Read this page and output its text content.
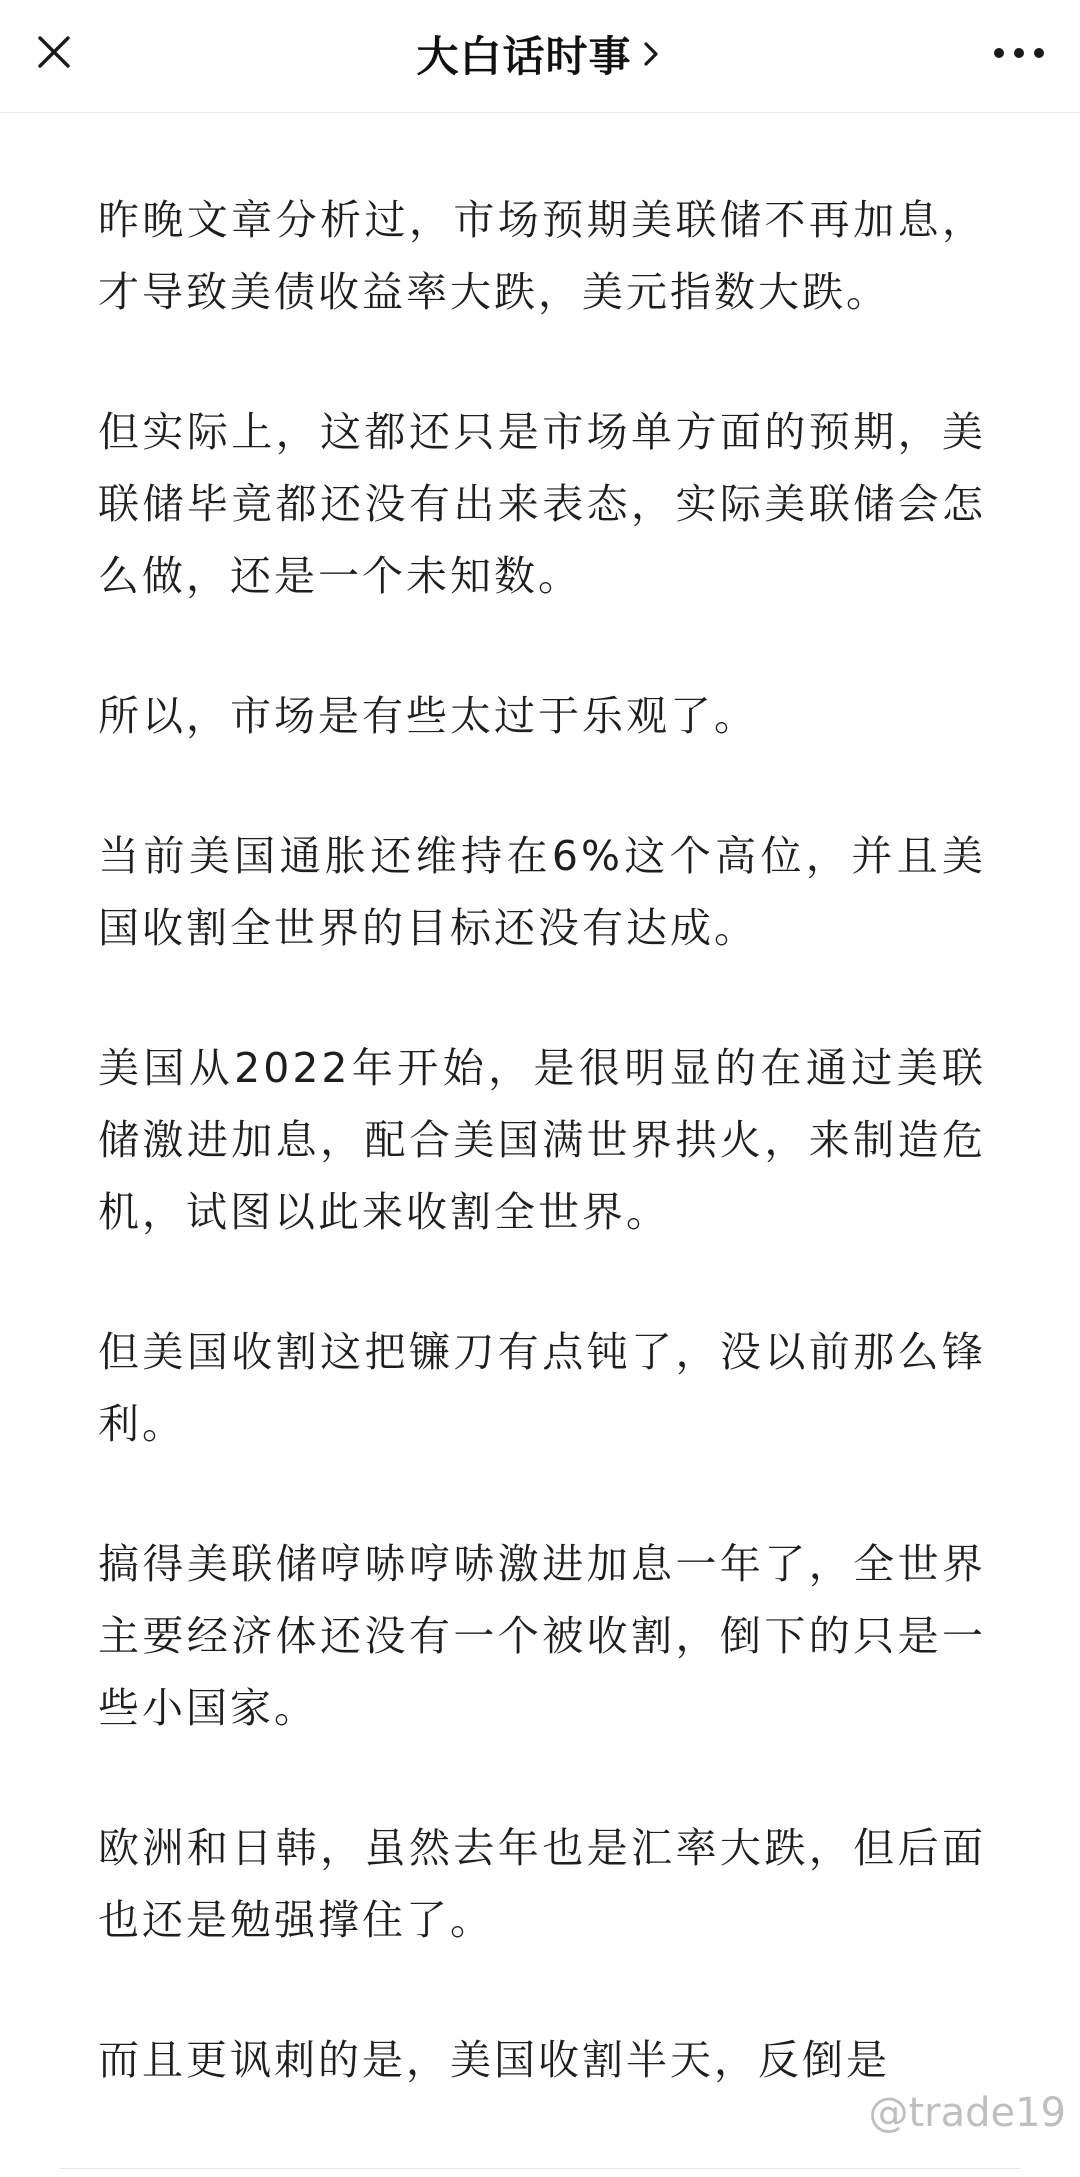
大白话时事

昨晚文章分析过，市场预期美联储不再加息，才导致美债收益率大跌，美元指数大跌。

但实际上，这都还只是市场单方面的预期，美联储毕竟都还没有出来表态，实际美联储会怎么做，还是一个未知数。

所以，市场是有些太过于乐观了。

当前美国通胀还维持在6%这个高位，并且美国收割全世界的目标还没有达成。

美国从2022年开始，是很明显的在通过美联储激进加息，配合美国满世界拱火，来制造危机，试图以此来收割全世界。

但美国收割这把镰刀有点钝了，没以前那么锋利。

搞得美联储哼哧哼哧激进加息一年了，全世界主要经济体还没有一个被收割，倒下的只是一些小国家。

欧洲和日韩，虽然去年也是汇率大跌，但后面也还是勉强撑住了。

而且更讽刺的是，美国收割半天，反倒是

@trade19
